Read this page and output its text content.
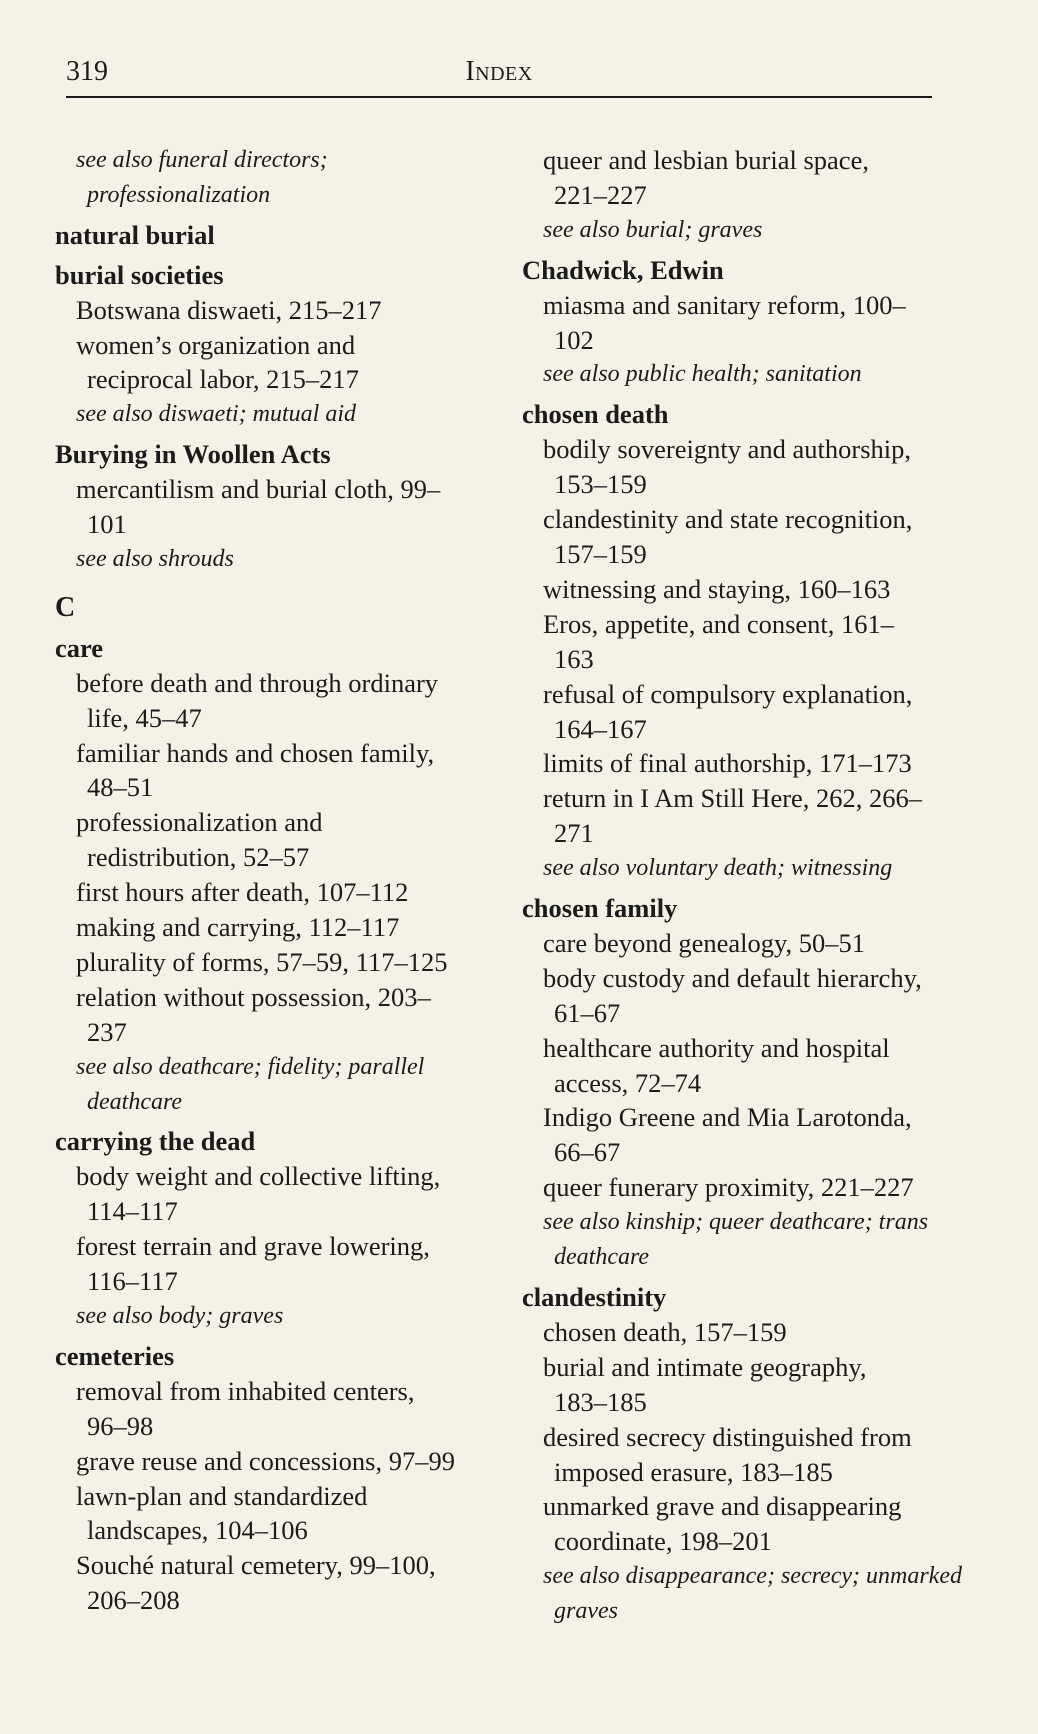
319	Index
see also funeral directors;
professionalization
natural burial
burial societies
Botswana diswaeti, 215–217
women’s organization and
reciprocal labor, 215–217
see also diswaeti; mutual aid
Burying in Woollen Acts
mercantilism and burial cloth, 99–
101
see also shrouds
C
care
before death and through ordinary
life, 45–47
familiar hands and chosen family,
48–51
professionalization and
redistribution, 52–57
first hours after death, 107–112
making and carrying, 112–117
plurality of forms, 57–59, 117–125
relation without possession, 203–
237
see also deathcare; fidelity; parallel
deathcare
carrying the dead
body weight and collective lifting,
114–117
forest terrain and grave lowering,
116–117
see also body; graves
cemeteries
removal from inhabited centers,
96–98
grave reuse and concessions, 97–99
lawn-plan and standardized
landscapes, 104–106
Souché natural cemetery, 99–100,
206–208
queer and lesbian burial space,
221–227
see also burial; graves
Chadwick, Edwin
miasma and sanitary reform, 100–
102
see also public health; sanitation
chosen death
bodily sovereignty and authorship,
153–159
clandestinity and state recognition,
157–159
witnessing and staying, 160–163
Eros, appetite, and consent, 161–
163
refusal of compulsory explanation,
164–167
limits of final authorship, 171–173
return in I Am Still Here, 262, 266–
271
see also voluntary death; witnessing
chosen family
care beyond genealogy, 50–51
body custody and default hierarchy,
61–67
healthcare authority and hospital
access, 72–74
Indigo Greene and Mia Larotonda,
66–67
queer funerary proximity, 221–227
see also kinship; queer deathcare; trans
deathcare
clandestinity
chosen death, 157–159
burial and intimate geography,
183–185
desired secrecy distinguished from
imposed erasure, 183–185
unmarked grave and disappearing
coordinate, 198–201
see also disappearance; secrecy; unmarked
graves
